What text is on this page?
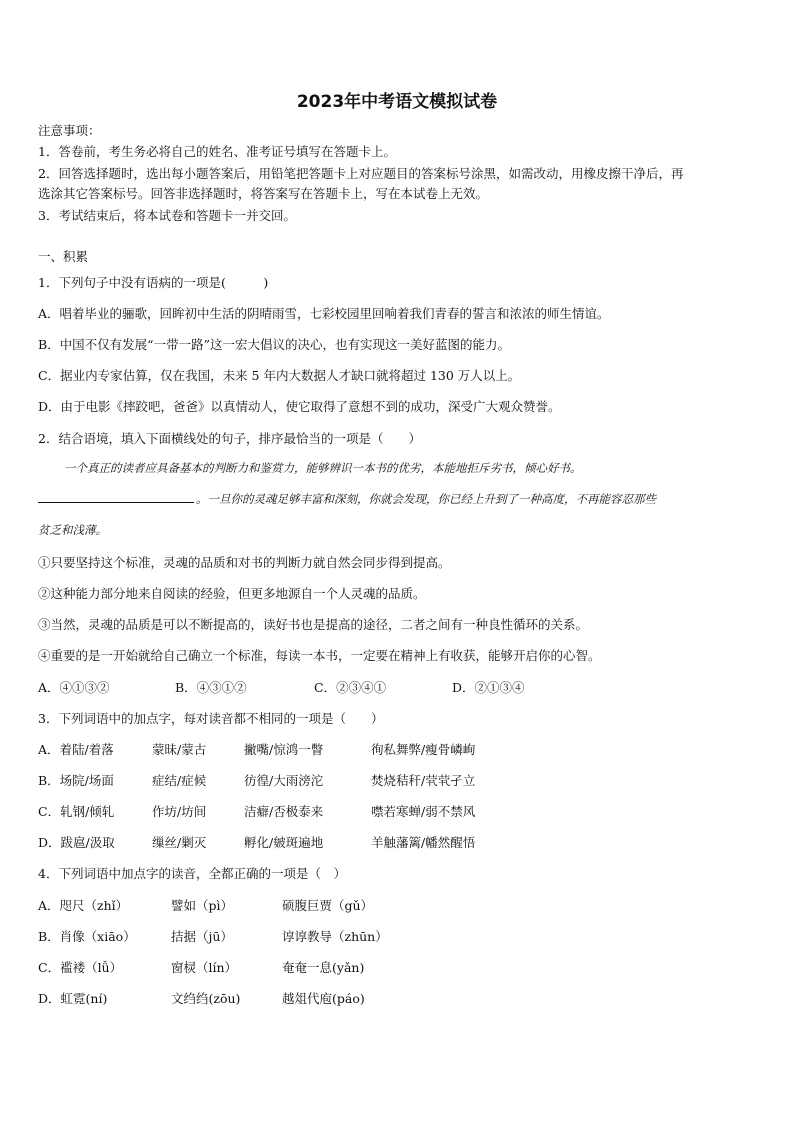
2023年中考语文模拟试卷
注意事项：
1．答卷前，考生务必将自己的姓名、准考证号填写在答题卡上。
2．回答选择题时，选出每小题答案后，用铅笔把答题卡上对应题目的答案标号涂黑，如需改动，用橡皮擦干净后，再
选涂其它答案标号。回答非选择题时，将答案写在答题卡上，写在本试卷上无效。
3．考试结束后，将本试卷和答题卡一并交回。
一、积累
1．下列句子中没有语病的一项是(　　　)
A．唱着毕业的骊歌，回眸初中生活的阴晴雨雪，七彩校园里回响着我们青春的誓言和浓浓的师生情谊。
B．中国不仅有发展“一带一路”这一宏大倡议的决心，也有实现这一美好蓝图的能力。
C．据业内专家估算，仅在我国，未来 5 年内大数据人才缺口就将超过 130 万人以上。
D．由于电影《摔跤吧，爸爸》以真情动人，使它取得了意想不到的成功，深受广大观众赞誉。
2．结合语境，填入下面横线处的句子，排序最恰当的一项是（　　）
一个真正的读者应具备基本的判断力和鉴赏力，能够辨识一本书的优劣，本能地拒斥劣书，倾心好书。
。一旦你的灵魂足够丰富和深刻，你就会发现，你已经上升到了一种高度，不再能容忍那些
贫乏和浅薄。
①只要坚持这个标准，灵魂的品质和对书的判断力就自然会同步得到提高。
②这种能力部分地来自阅读的经验，但更多地源自一个人灵魂的品质。
③当然，灵魂的品质是可以不断提高的，读好书也是提高的途径，二者之间有一种良性循环的关系。
④重要的是一开始就给自己确立一个标准，每读一本书，一定要在精神上有收获，能够开启你的心智。
A．④①③②	B．④③①②	C．②③④①	D．②①③④
3．下列词语中的加点字，每对读音都不相同的一项是（　　）
A．着陆/着落	蒙昧/蒙古	撇嘴/惊鸿一瞥	徇私舞弊/瘦骨嶙峋
B．场院/场面	症结/症候	彷徨/大雨滂沱	焚烧秸秆/茕茕孑立
C．轧钢/倾轧	作坊/坊间	洁癖/否极泰来	噤若寒蝉/弱不禁风
D．跋扈/汲取	缫丝/剿灭	孵化/皴斑遍地	羊触藩篱/幡然醒悟
4．下列词语中加点字的读音，全都正确的一项是（　）
A．咫尺（zhǐ）	譬如（pì）	硕腹巨贾（gǔ）
B．肖像（xiāo）	拮据（jū）	谆谆教导（zhūn）
C．褴褛（lǚ）	窗棂（lín）	奄奄一息(yǎn)
D．虹霓(ní)	文绉绉(zōu)	越俎代庖(páo)
